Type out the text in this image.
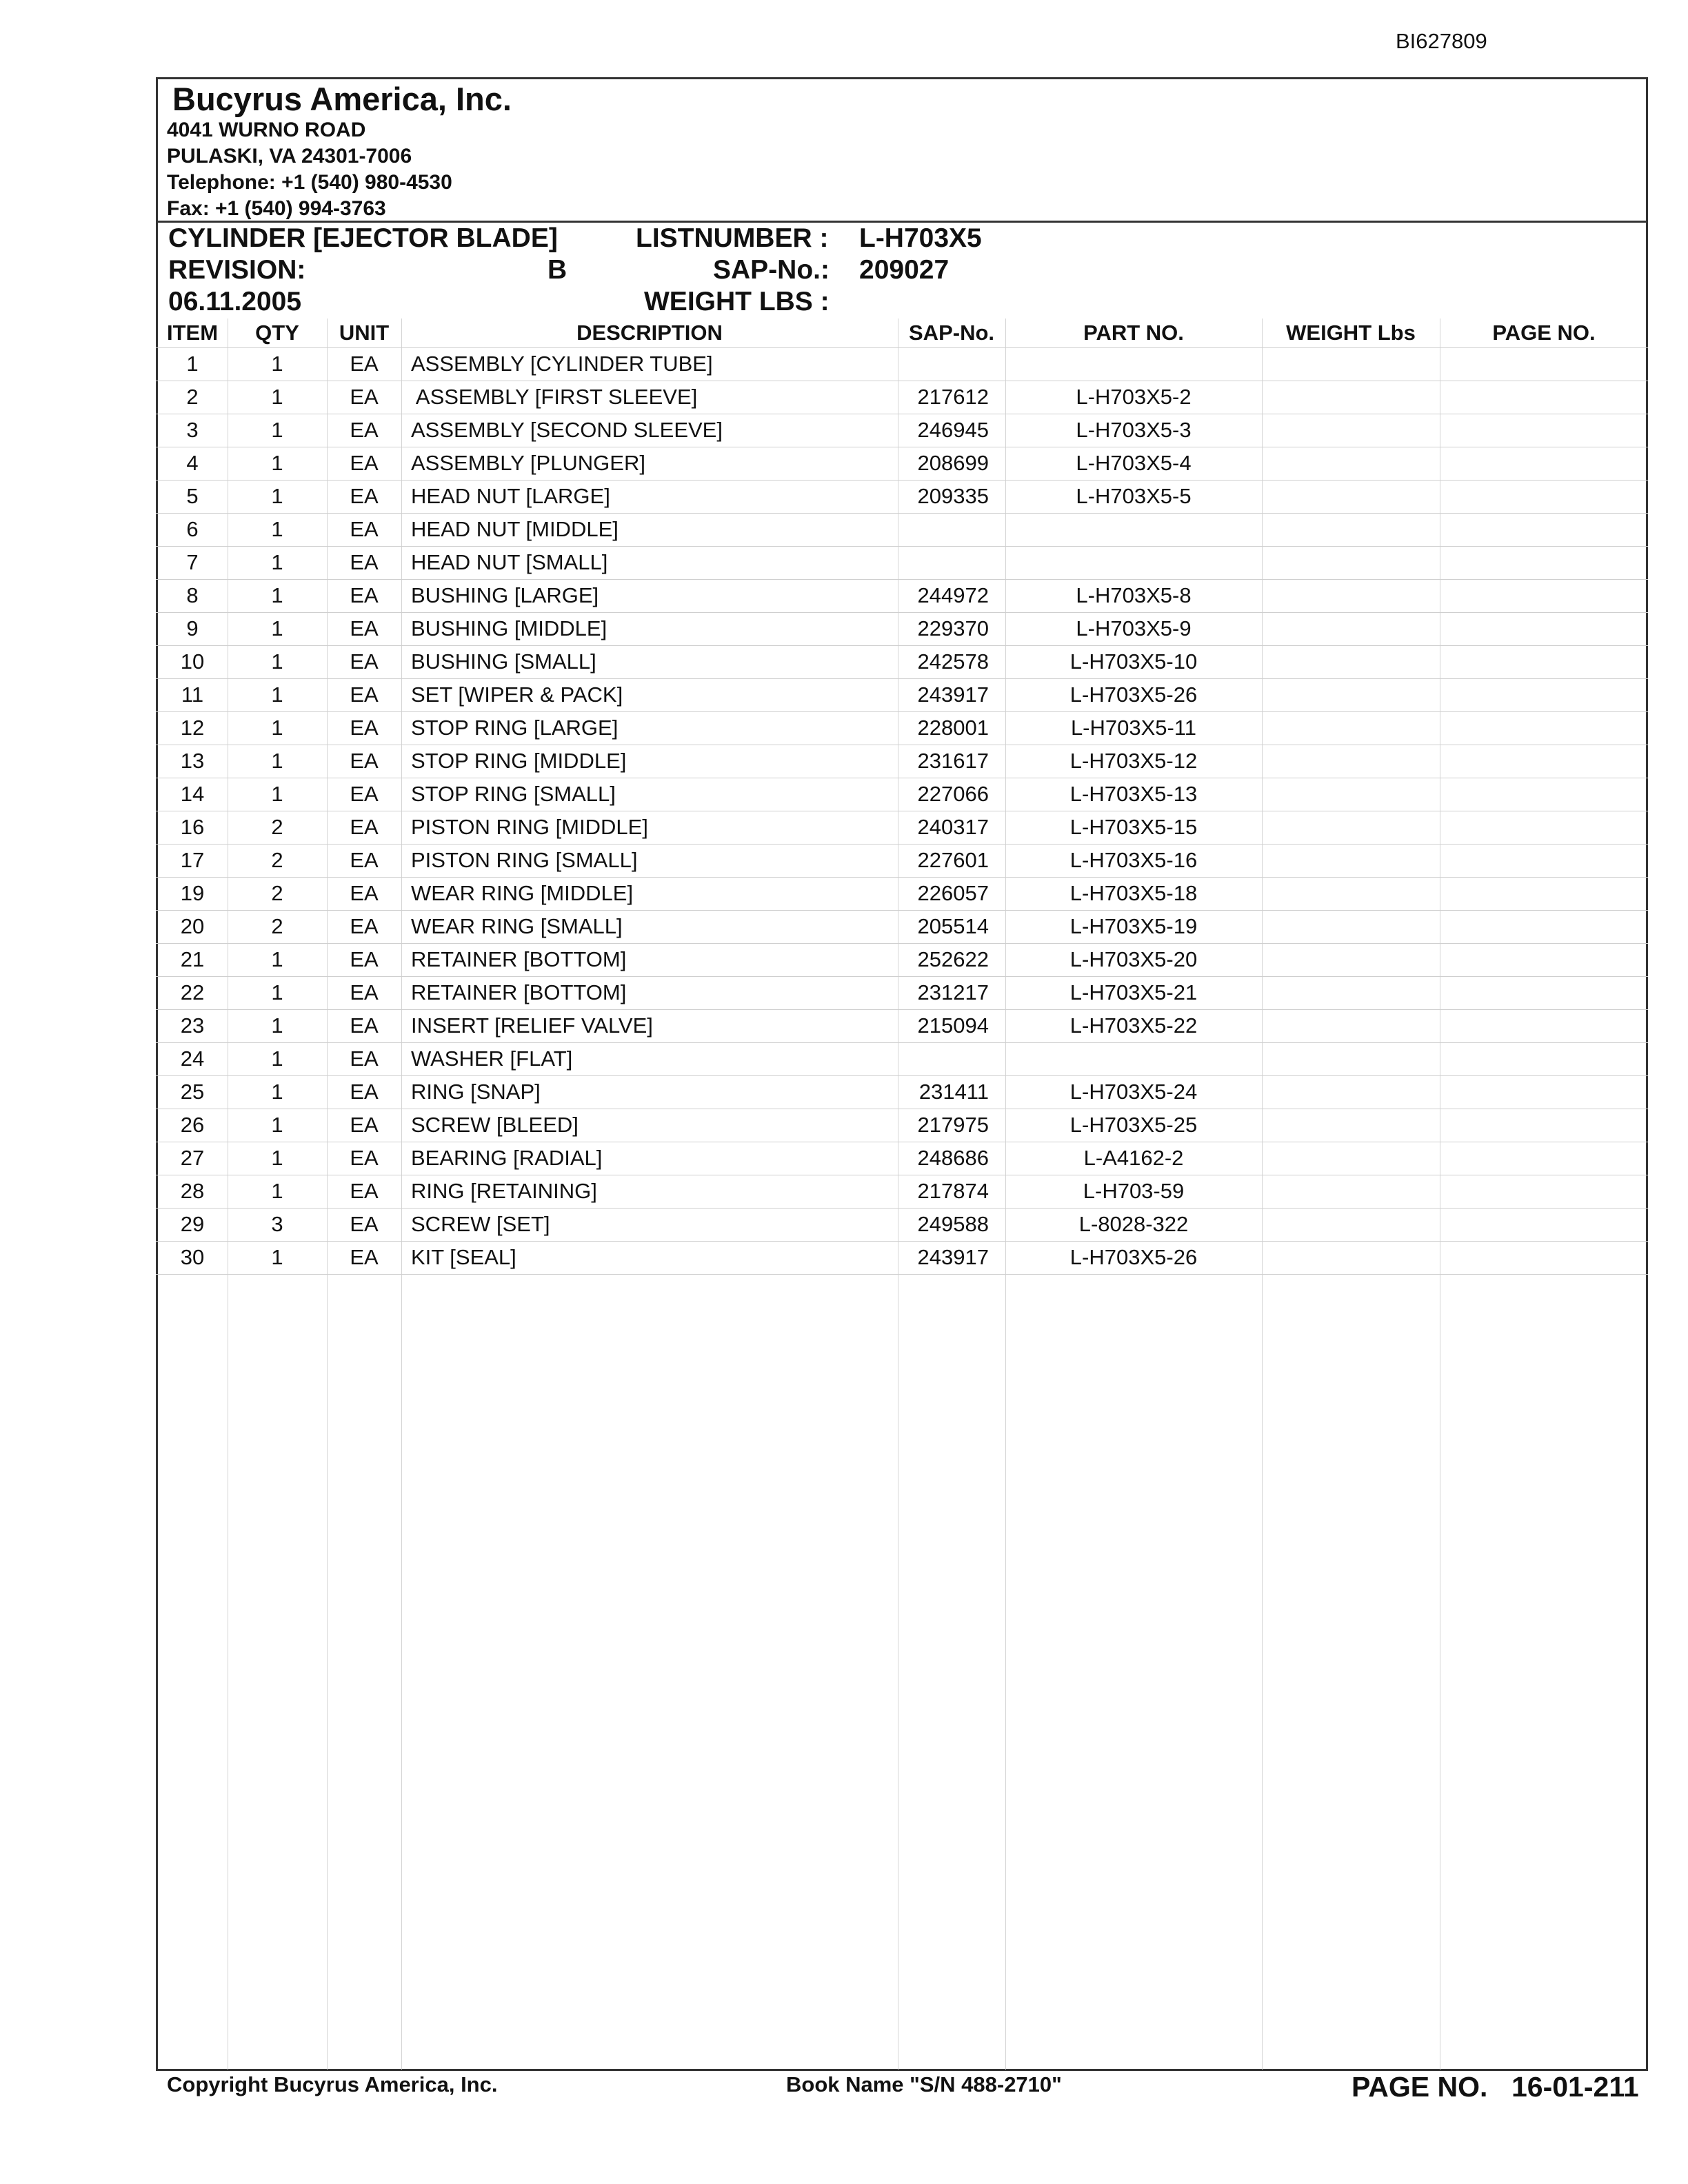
BI627809
Bucyrus America, Inc.
4041 WURNO ROAD
PULASKI, VA 24301-7006
Telephone: +1 (540) 980-4530
Fax: +1 (540) 994-3763
CYLINDER [EJECTOR BLADE]	LISTNUMBER : L-H703X5
REVISION:	B	SAP-No.: 209027
06.11.2005	WEIGHT LBS :
ITEM	QTY	UNIT	DESCRIPTION	SAP-No.	PART NO.	WEIGHT Lbs	PAGE NO.
1	1	EA	ASSEMBLY [CYLINDER TUBE]
2	1	EA	ASSEMBLY [FIRST SLEEVE]	217612	L-H703X5-2
3	1	EA	ASSEMBLY [SECOND SLEEVE]	246945	L-H703X5-3
4	1	EA	ASSEMBLY [PLUNGER]	208699	L-H703X5-4
5	1	EA	HEAD NUT [LARGE]	209335	L-H703X5-5
6	1	EA	HEAD NUT [MIDDLE]
7	1	EA	HEAD NUT [SMALL]
8	1	EA	BUSHING [LARGE]	244972	L-H703X5-8
9	1	EA	BUSHING [MIDDLE]	229370	L-H703X5-9
10	1	EA	BUSHING [SMALL]	242578	L-H703X5-10
11	1	EA	SET [WIPER & PACK]	243917	L-H703X5-26
12	1	EA	STOP RING [LARGE]	228001	L-H703X5-11
13	1	EA	STOP RING [MIDDLE]	231617	L-H703X5-12
14	1	EA	STOP RING [SMALL]	227066	L-H703X5-13
16	2	EA	PISTON RING [MIDDLE]	240317	L-H703X5-15
17	2	EA	PISTON RING [SMALL]	227601	L-H703X5-16
19	2	EA	WEAR RING [MIDDLE]	226057	L-H703X5-18
20	2	EA	WEAR RING [SMALL]	205514	L-H703X5-19
21	1	EA	RETAINER [BOTTOM]	252622	L-H703X5-20
22	1	EA	RETAINER [BOTTOM]	231217	L-H703X5-21
23	1	EA	INSERT [RELIEF VALVE]	215094	L-H703X5-22
24	1	EA	WASHER [FLAT]
25	1	EA	RING [SNAP]	231411	L-H703X5-24
26	1	EA	SCREW [BLEED]	217975	L-H703X5-25
27	1	EA	BEARING [RADIAL]	248686	L-A4162-2
28	1	EA	RING [RETAINING]	217874	L-H703-59
29	3	EA	SCREW [SET]	249588	L-8028-322
30	1	EA	KIT [SEAL]	243917	L-H703X5-26
Copyright Bucyrus America, Inc.	Book Name "S/N 488-2710"	PAGE NO. 16-01-211
